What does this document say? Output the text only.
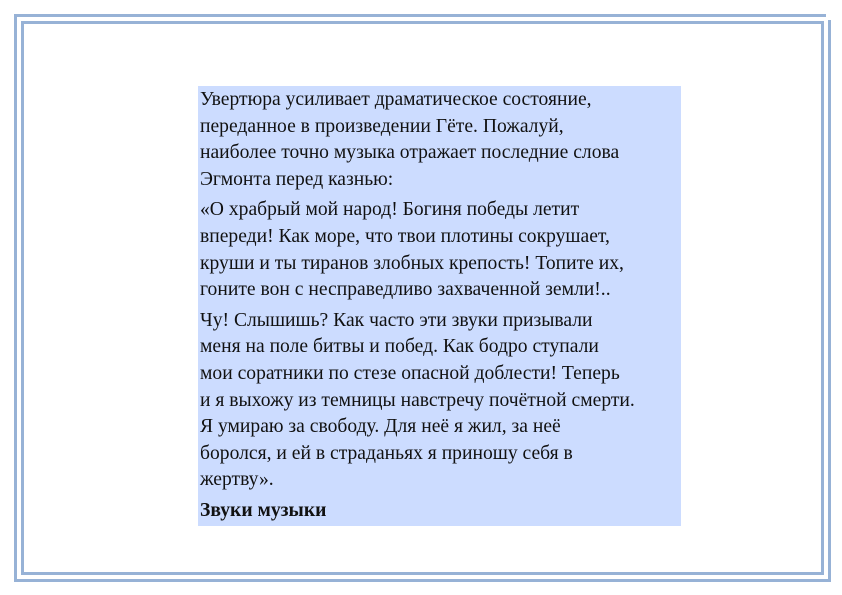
Увертюра усиливает драматическое состояние,
переданное в произведении Гёте. Пожалуй,
наиболее точно музыка отражает последние слова
Эгмонта перед казнью:

«О храбрый мой народ! Богиня победы летит
впереди! Как море, что твои плотины сокрушает,
круши и ты тиранов злобных крепость! Топите их,
гоните вон с несправедливо захваченной земли!..

Чу! Слышишь? Как часто эти звуки призывали
меня на поле битвы и побед. Как бодро ступали
мои соратники по стезе опасной доблести! Теперь
и я выхожу из темницы навстречу почётной смерти.
Я умираю за свободу. Для неё я жил, за неё
боролся, и ей в страданьях я приношу себя в
жертву».

Звуки музыки
